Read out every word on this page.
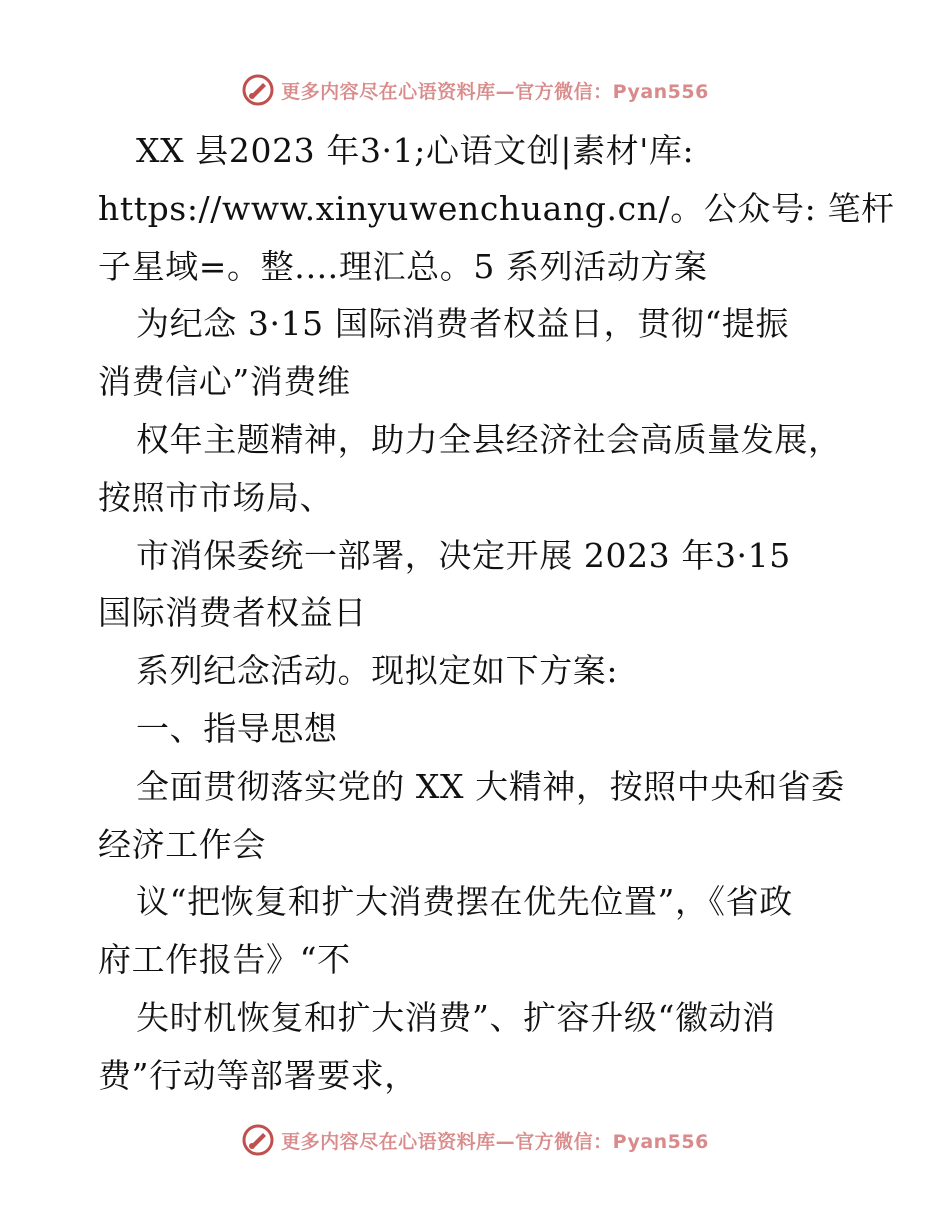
更多内容尽在心语资料库 —官方微信：Pyan556
XX 县2023 年3·1;心语文创|素材'库:
https://www.xinyuwenchuang.cn/。公众号: 笔杆
子星域=。整.…理汇总。5 系列活动方案
为纪念 3·15 国际消费者权益日，贯彻“提振
消费信心”消费维
权年主题精神，助力全县经济社会高质量发展，
按照市市场局、
市消保委统一部署，决定开展 2023 年3·15
国际消费者权益日
系列纪念活动。现拟定如下方案:
一、指导思想
全面贯彻落实党的 XX 大精神，按照中央和省委
经济工作会
议“把恢复和扩大消费摆在优先位置”，《省政
府工作报告》“不
失时机恢复和扩大消费”、扩容升级“徽动消
费”行动等部署要求，
更多内容尽在心语资料库 —官方微信：Pyan556
